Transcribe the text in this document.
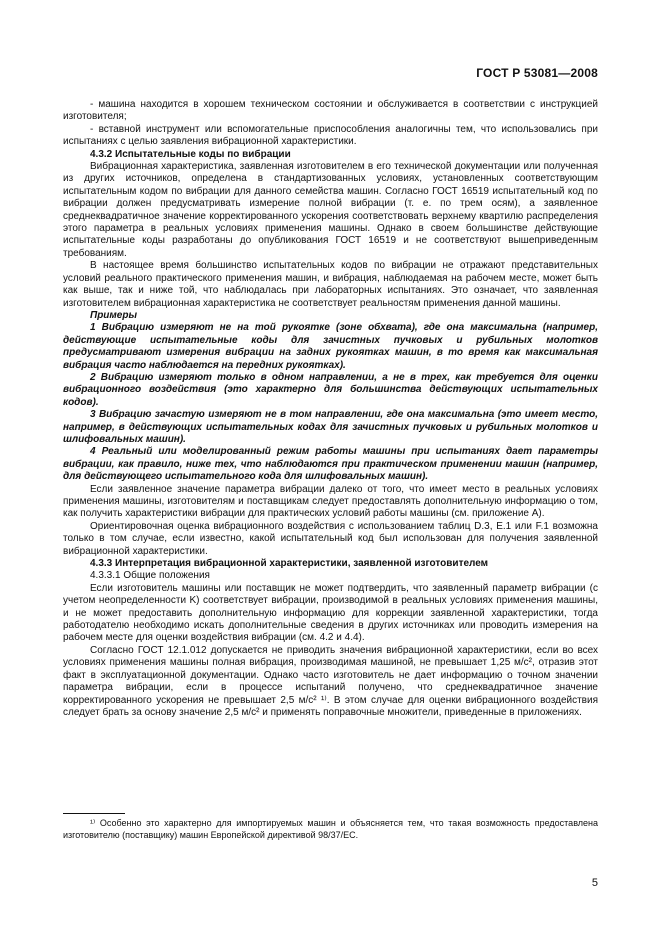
ГОСТ Р 53081—2008

- машина находится в хорошем техническом состоянии и обслуживается в соответствии с инструкцией изготовителя;

- вставной инструмент или вспомогательные приспособления аналогичны тем, что использовались при испытаниях с целью заявления вибрационной характеристики.

4.3.2 Испытательные коды по вибрации

Вибрационная характеристика, заявленная изготовителем в его технической документации или полученная из других источников, определена в стандартизованных условиях, установленных соответствующим испытательным кодом по вибрации для данного семейства машин. Согласно ГОСТ 16519 испытательный код по вибрации должен предусматривать измерение полной вибрации (т. е. по трем осям), а заявленное среднеквадратичное значение корректированного ускорения соответствовать верхнему квартилю распределения этого параметра в реальных условиях применения машины. Однако в своем большинстве действующие испытательные коды разработаны до опубликования ГОСТ 16519 и не соответствуют вышеприведенным требованиям.

В настоящее время большинство испытательных кодов по вибрации не отражают представительных условий реального практического применения машин, и вибрация, наблюдаемая на рабочем месте, может быть как выше, так и ниже той, что наблюдалась при лабораторных испытаниях. Это означает, что заявленная изготовителем вибрационная характеристика не соответствует реальностям применения данной машины.

Примеры

1 Вибрацию измеряют не на той рукоятке (зоне обхвата), где она максимальна (например, действующие испытательные коды для зачистных пучковых и рубильных молотков предусматривают измерения вибрации на задних рукоятках машин, в то время как максимальная вибрация часто наблюдается на передних рукоятках).

2 Вибрацию измеряют только в одном направлении, а не в трех, как требуется для оценки вибрационного воздействия (это характерно для большинства действующих испытательных кодов).

3 Вибрацию зачастую измеряют не в том направлении, где она максимальна (это имеет место, например, в действующих испытательных кодах для зачистных пучковых и рубильных молотков и шлифовальных машин).

4 Реальный или моделированный режим работы машины при испытаниях дает параметры вибрации, как правило, ниже тех, что наблюдаются при практическом применении машин (например, для действующего испытательного кода для шлифовальных машин).

Если заявленное значение параметра вибрации далеко от того, что имеет место в реальных условиях применения машины, изготовителям и поставщикам следует предоставлять дополнительную информацию о том, как получить характеристики вибрации для практических условий работы машины (см. приложение А).

Ориентировочная оценка вибрационного воздействия с использованием таблиц D.3, Е.1 или F.1 возможна только в том случае, если известно, какой испытательный код был использован для получения заявленной вибрационной характеристики.

4.3.3 Интерпретация вибрационной характеристики, заявленной изготовителем

4.3.3.1 Общие положения

Если изготовитель машины или поставщик не может подтвердить, что заявленный параметр вибрации (с учетом неопределенности K) соответствует вибрации, производимой в реальных условиях применения машины, и не может предоставить дополнительную информацию для коррекции заявленной характеристики, тогда работодателю необходимо искать дополнительные сведения в других источниках или проводить измерения на рабочем месте для оценки воздействия вибрации (см. 4.2 и 4.4).

Согласно ГОСТ 12.1.012 допускается не приводить значения вибрационной характеристики, если во всех условиях применения машины полная вибрация, производимая машиной, не превышает 1,25 м/с², отразив этот факт в эксплуатационной документации. Однако часто изготовитель не дает информацию о точном значении параметра вибрации, если в процессе испытаний получено, что среднеквадратичное значение корректированного ускорения не превышает 2,5 м/с² ¹⁾. В этом случае для оценки вибрационного воздействия следует брать за основу значение 2,5 м/с² и применять поправочные множители, приведенные в приложениях.

¹⁾ Особенно это характерно для импортируемых машин и объясняется тем, что такая возможность предоставлена изготовителю (поставщику) машин Европейской директивой 98/37/ЕС.

5
